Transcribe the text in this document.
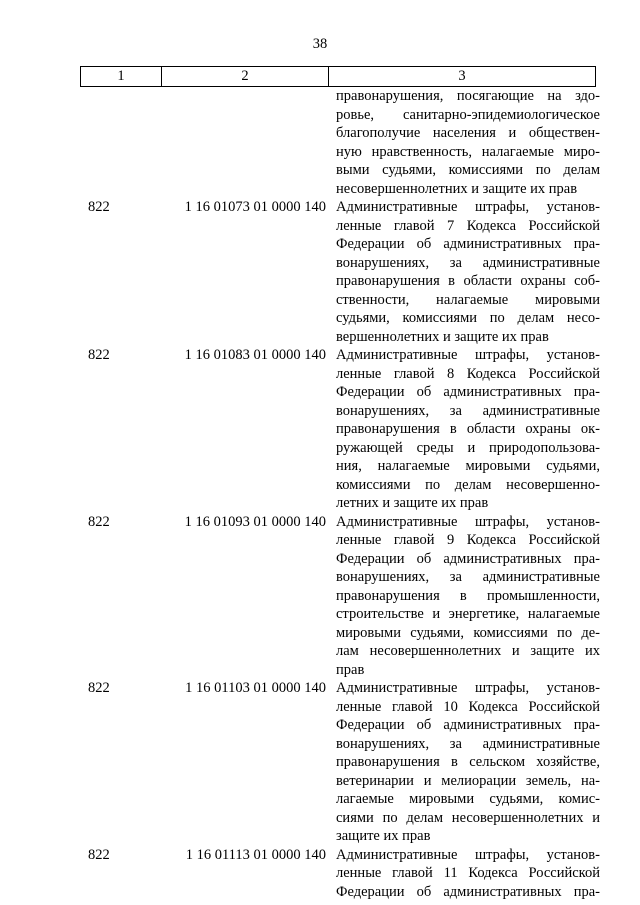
38
1	2	3
правонарушения, посягающие на здо-
ровье, санитарно-эпидемиологическое
благополучие населения и обществен-
ную нравственность, налагаемые миро-
выми судьями, комиссиями по делам
несовершеннолетних и защите их прав
822	1 16 01073 01 0000 140 Административные штрафы, установ-
ленные главой 7 Кодекса Российской
Федерации об административных пра-
вонарушениях, за административные
правонарушения в области охраны соб-
ственности, налагаемые мировыми
судьями, комиссиями по делам несо-
вершеннолетних и защите их прав
822	1 16 01083 01 0000 140 Административные штрафы, установ-
ленные главой 8 Кодекса Российской
Федерации об административных пра-
вонарушениях, за административные
правонарушения в области охраны ок-
ружающей среды и природопользова-
ния, налагаемые мировыми судьями,
комиссиями по делам несовершенно-
летних и защите их прав
822	1 16 01093 01 0000 140 Административные штрафы, установ-
ленные главой 9 Кодекса Российской
Федерации об административных пра-
вонарушениях, за административные
правонарушения в промышленности,
строительстве и энергетике, налагаемые
мировыми судьями, комиссиями по де-
лам несовершеннолетних и защите их
прав
822	1 16 01103 01 0000 140 Административные штрафы, установ-
ленные главой 10 Кодекса Российской
Федерации об административных пра-
вонарушениях, за административные
правонарушения в сельском хозяйстве,
ветеринарии и мелиорации земель, на-
лагаемые мировыми судьями, комис-
сиями по делам несовершеннолетних и
защите их прав
822	1 16 01113 01 0000 140 Административные штрафы, установ-
ленные главой 11 Кодекса Российской
Федерации об административных пра-
